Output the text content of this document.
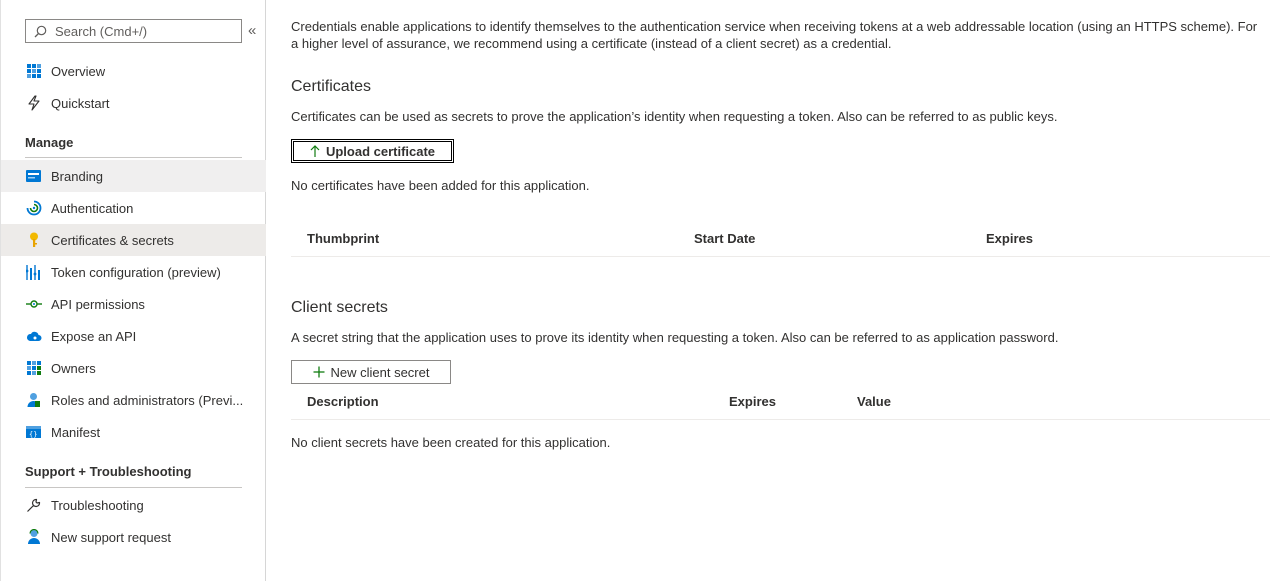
Search (Cmd+/)
«
Overview
Quickstart
Manage
Branding
Authentication
Certificates & secrets
Token configuration (preview)
API permissions
Expose an API
Owners
Roles and administrators (Previ...
{} Manifest
Support + Troubleshooting
Troubleshooting
New support request
Credentials enable applications to identify themselves to the authentication service when receiving tokens at a web addressable location (using an HTTPS scheme). For a higher level of assurance, we recommend using a certificate (instead of a client secret) as a credential.
Certificates
Certificates can be used as secrets to prove the application’s identity when requesting a token. Also can be referred to as public keys.
Upload certificate
No certificates have been added for this application.
Thumbprint	Start Date	Expires
Client secrets
A secret string that the application uses to prove its identity when requesting a token. Also can be referred to as application password.
New client secret
Description	Expires	Value
No client secrets have been created for this application.
